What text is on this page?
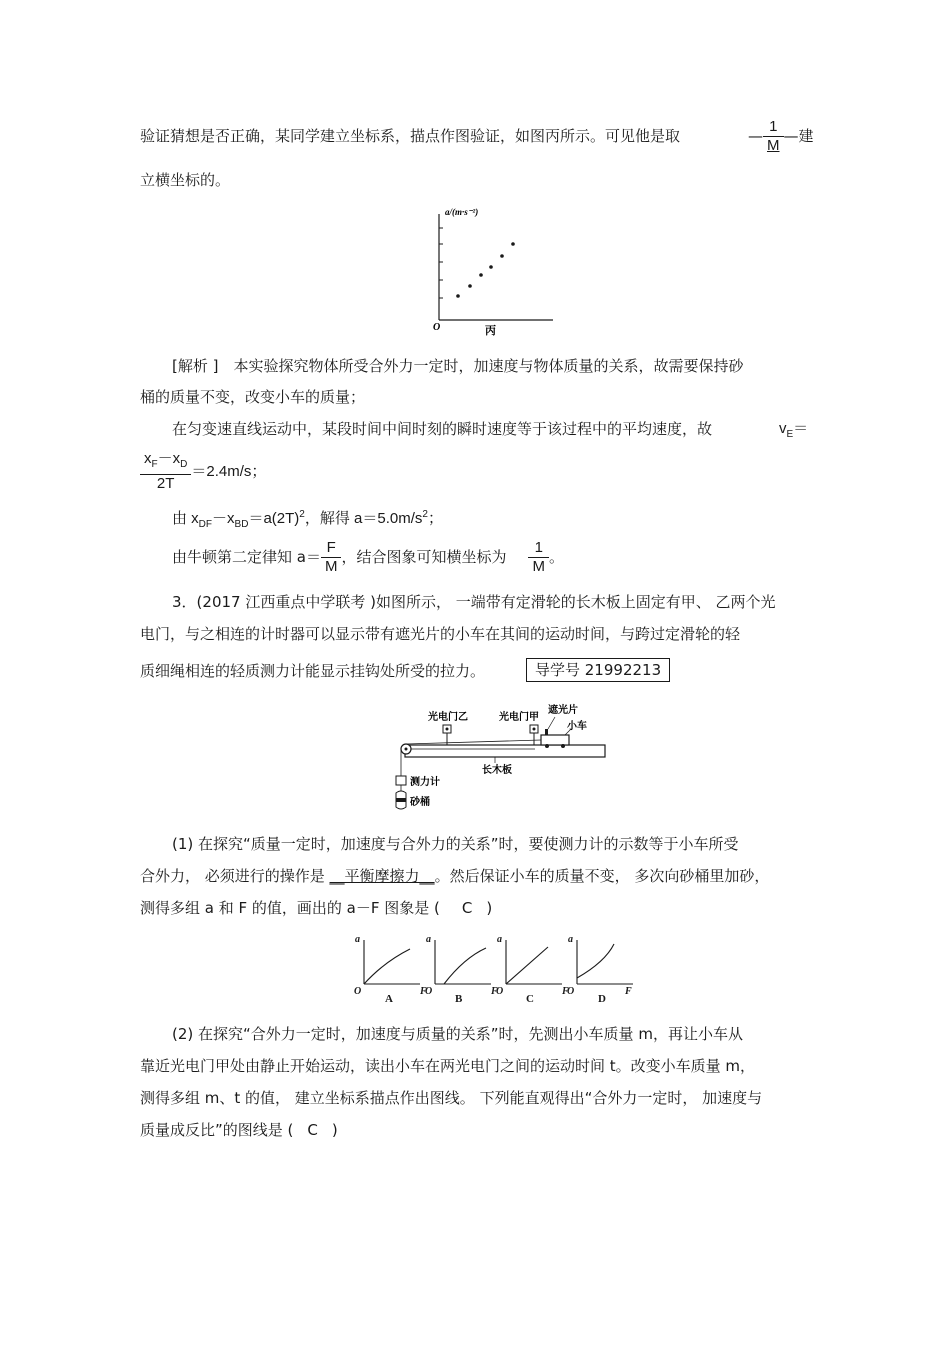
验证猜想是否正确，某同学建立坐标系，描点作图验证，如图丙所示。可见他是取	— $\frac{1}{M}$ —建
立横坐标的。
a/(m·s⁻²)
O	丙
[解析 ]　本实验探究物体所受合外力一定时，加速度与物体质量的关系，故需要保持砂
桶的质量不变，改变小车的质量；
在匀变速直线运动中，某段时间中间时刻的瞬时速度等于该过程中的平均速度，故	$v_E=$
$\frac{x_F-x_D}{2T} =2.4m/s$；
由 $x_{DF}-x_{BD}=a(2T)^2$，解得 $a=5.0m/s^2$；
由牛顿第二定律知 $a= \frac{F}{M}$ ，结合图象可知横坐标为 $\frac{1}{M}$ 。
3．(2017 江西重点中学联考 )如图所示， 一端带有定滑轮的长木板上固定有甲、 乙两个光
电门，与之相连的计时器可以显示带有遮光片的小车在其间的运动时间，与跨过定滑轮的轻
质细绳相连的轻质测力计能显示挂钩处所受的拉力。	导学号 21992213
光电门乙	光电门甲
遮光片
小车
长木板
测力计
砂桶
(1) 在探究“质量一定时，加速度与合外力的关系”时，要使测力计的示数等于小车所受
合外力， 必须进行的操作是 __平衡摩擦力__。然后保证小车的质量不变， 多次向砂桶里加砂，
测得多组 a 和 F 的值，画出的 a－F 图象是 ( C )
a
F
O
a
F
O
a
F
O
a
F
O
A	B	C	D
(2) 在探究“合外力一定时，加速度与质量的关系”时，先测出小车质量 m，再让小车从
靠近光电门甲处由静止开始运动，读出小车在两光电门之间的运动时间 t。改变小车质量 m，
测得多组 m、t 的值， 建立坐标系描点作出图线。 下列能直观得出“合外力一定时， 加速度与
质量成反比”的图线是 ( C )
